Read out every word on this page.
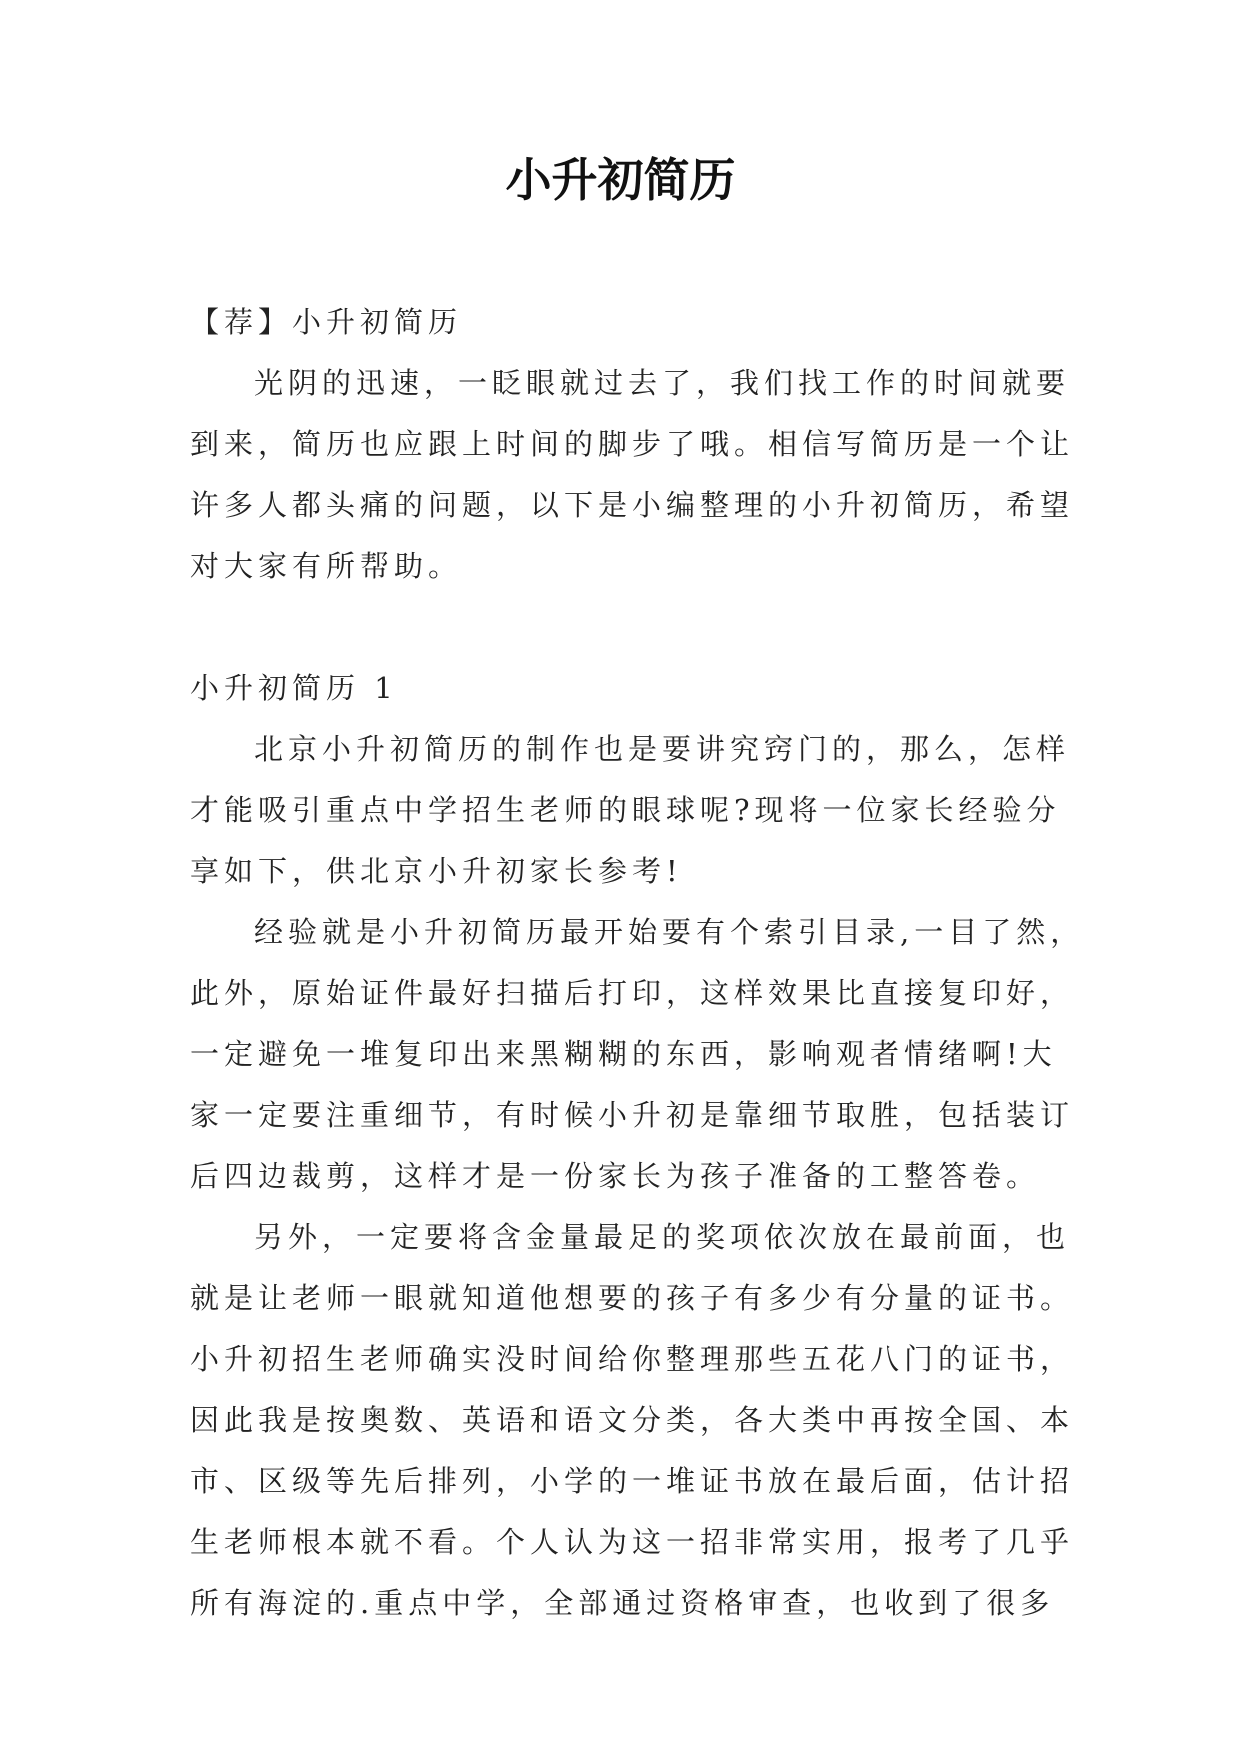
小升初简历
【荐】小升初简历
光阴的迅速，一眨眼就过去了，我们找工作的时间就要
到来，简历也应跟上时间的脚步了哦。相信写简历是一个让
许多人都头痛的问题，以下是小编整理的小升初简历，希望
对大家有所帮助。
小升初简历 1
北京小升初简历的制作也是要讲究窍门的，那么，怎样
才能吸引重点中学招生老师的眼球呢?现将一位家长经验分
享如下，供北京小升初家长参考!
经验就是小升初简历最开始要有个索引目录,一目了然，
此外，原始证件最好扫描后打印，这样效果比直接复印好，
一定避免一堆复印出来黑糊糊的东西，影响观者情绪啊!大
家一定要注重细节，有时候小升初是靠细节取胜，包括装订
后四边裁剪，这样才是一份家长为孩子准备的工整答卷。
另外，一定要将含金量最足的奖项依次放在最前面，也
就是让老师一眼就知道他想要的孩子有多少有分量的证书。
小升初招生老师确实没时间给你整理那些五花八门的证书，
因此我是按奥数、英语和语文分类，各大类中再按全国、本
市、区级等先后排列，小学的一堆证书放在最后面，估计招
生老师根本就不看。个人认为这一招非常实用，报考了几乎
所有海淀的.重点中学，全部通过资格审查，也收到了很多
